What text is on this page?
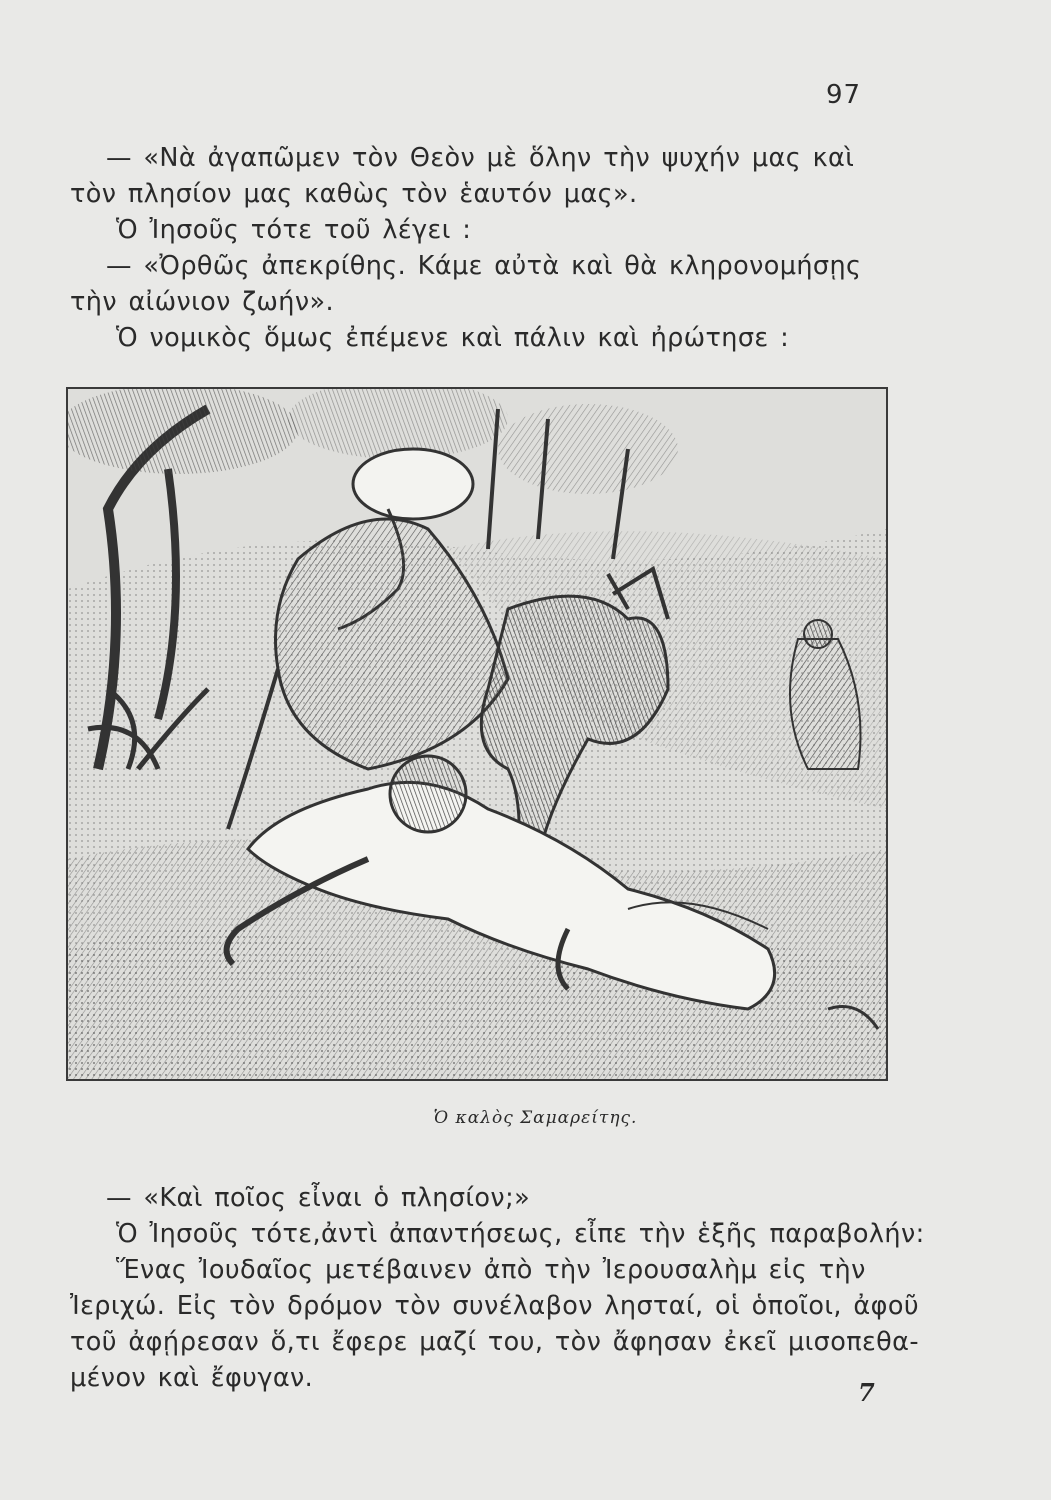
97
— «Νὰ ἀγαπῶμεν τὸν Θεὸν μὲ ὅλην τὴν ψυχήν μας καὶ
τὸν πλησίον μας καθὼς τὸν ἑαυτόν μας».
Ὁ Ἰησοῦς τότε τοῦ λέγει :
— «Ὀρθῶς ἀπεκρίθης. Κάμε αὐτὰ καὶ θὰ κληρονομήσῃς
τὴν αἰώνιον ζωήν».
Ὁ νομικὸς ὅμως ἐπέμενε καὶ πάλιν καὶ ἠρώτησε :
Ὁ καλὸς Σαμαρείτης.
— «Καὶ ποῖος εἶναι ὁ πλησίον;»
Ὁ Ἰησοῦς τότε,ἀντὶ ἀπαντήσεως, εἶπε τὴν ἑξῆς παραβολήν:
Ἕνας Ἰουδαῖος μετέβαινεν ἀπὸ τὴν Ἰερουσαλὴμ εἰς τὴν
Ἰεριχώ. Εἰς τὸν δρόμον τὸν συνέλαβον λησταί, οἱ ὁποῖοι, ἀφοῦ
τοῦ ἀφῄρεσαν ὅ,τι ἔφερε μαζί του, τὸν ἄφησαν ἐκεῖ μισοπεθα-
μένον καὶ ἔφυγαν.	7
